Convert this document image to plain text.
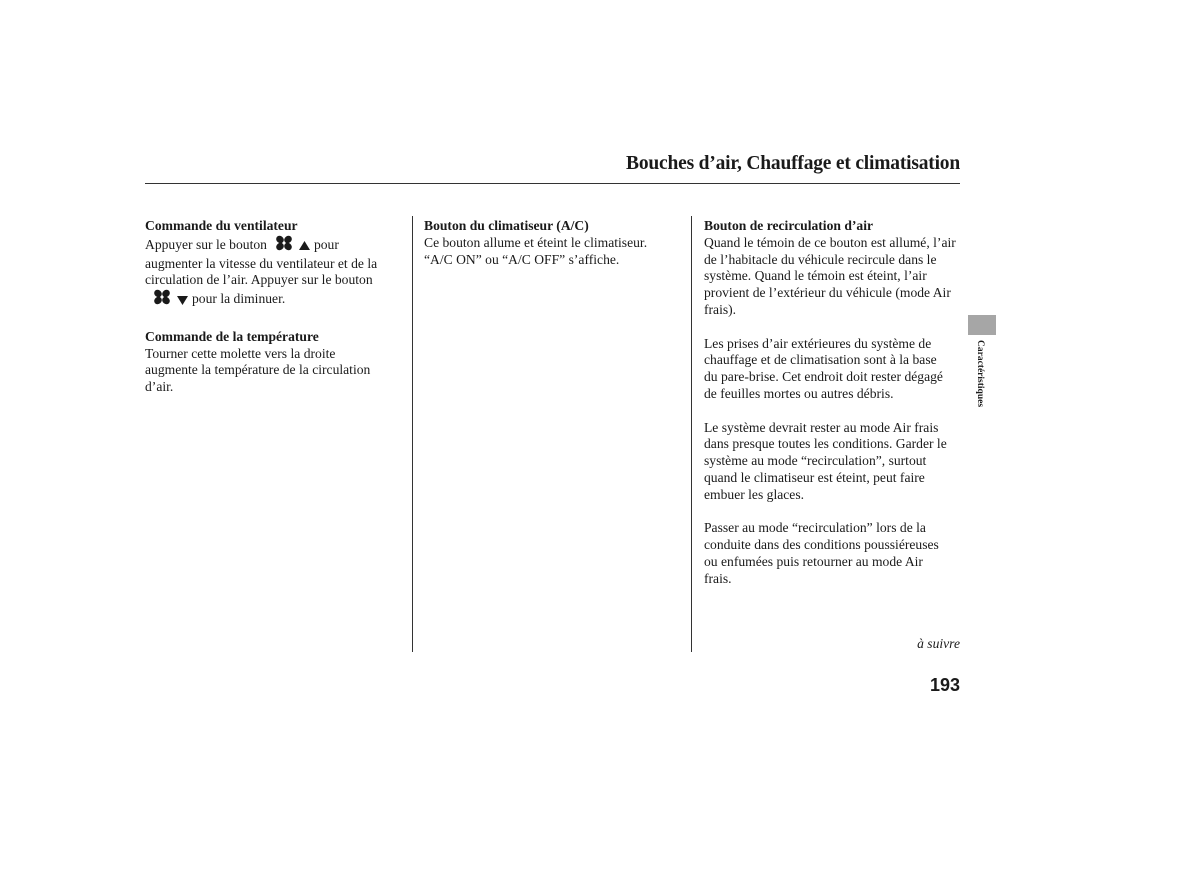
Bouches d’air, Chauffage et climatisation
Commande du ventilateur
Appuyer sur le bouton	pour
augmenter la vitesse du ventilateur et de la
circulation de l’air. Appuyer sur le bouton
pour la diminuer.
Commande de la température
Tourner cette molette vers la droite
augmente la température de la circulation
d’air.
Bouton du climatiseur (A/C)
Ce bouton allume et éteint le climatiseur.
“A/C ON” ou “A/C OFF” s’affiche.
Bouton de recirculation d’air
Quand le témoin de ce bouton est allumé, l’air
de l’habitacle du véhicule recircule dans le
système. Quand le témoin est éteint, l’air
provient de l’extérieur du véhicule (mode Air
frais).
Les prises d’air extérieures du système de
chauffage et de climatisation sont à la base
du pare-brise. Cet endroit doit rester dégagé
de feuilles mortes ou autres débris.
Le système devrait rester au mode Air frais
dans presque toutes les conditions. Garder le
système au mode “recirculation”, surtout
quand le climatiseur est éteint, peut faire
embuer les glaces.
Passer au mode “recirculation” lors de la
conduite dans des conditions poussiéreuses
ou enfumées puis retourner au mode Air
frais.
à suivre
193
Caractéristiques
